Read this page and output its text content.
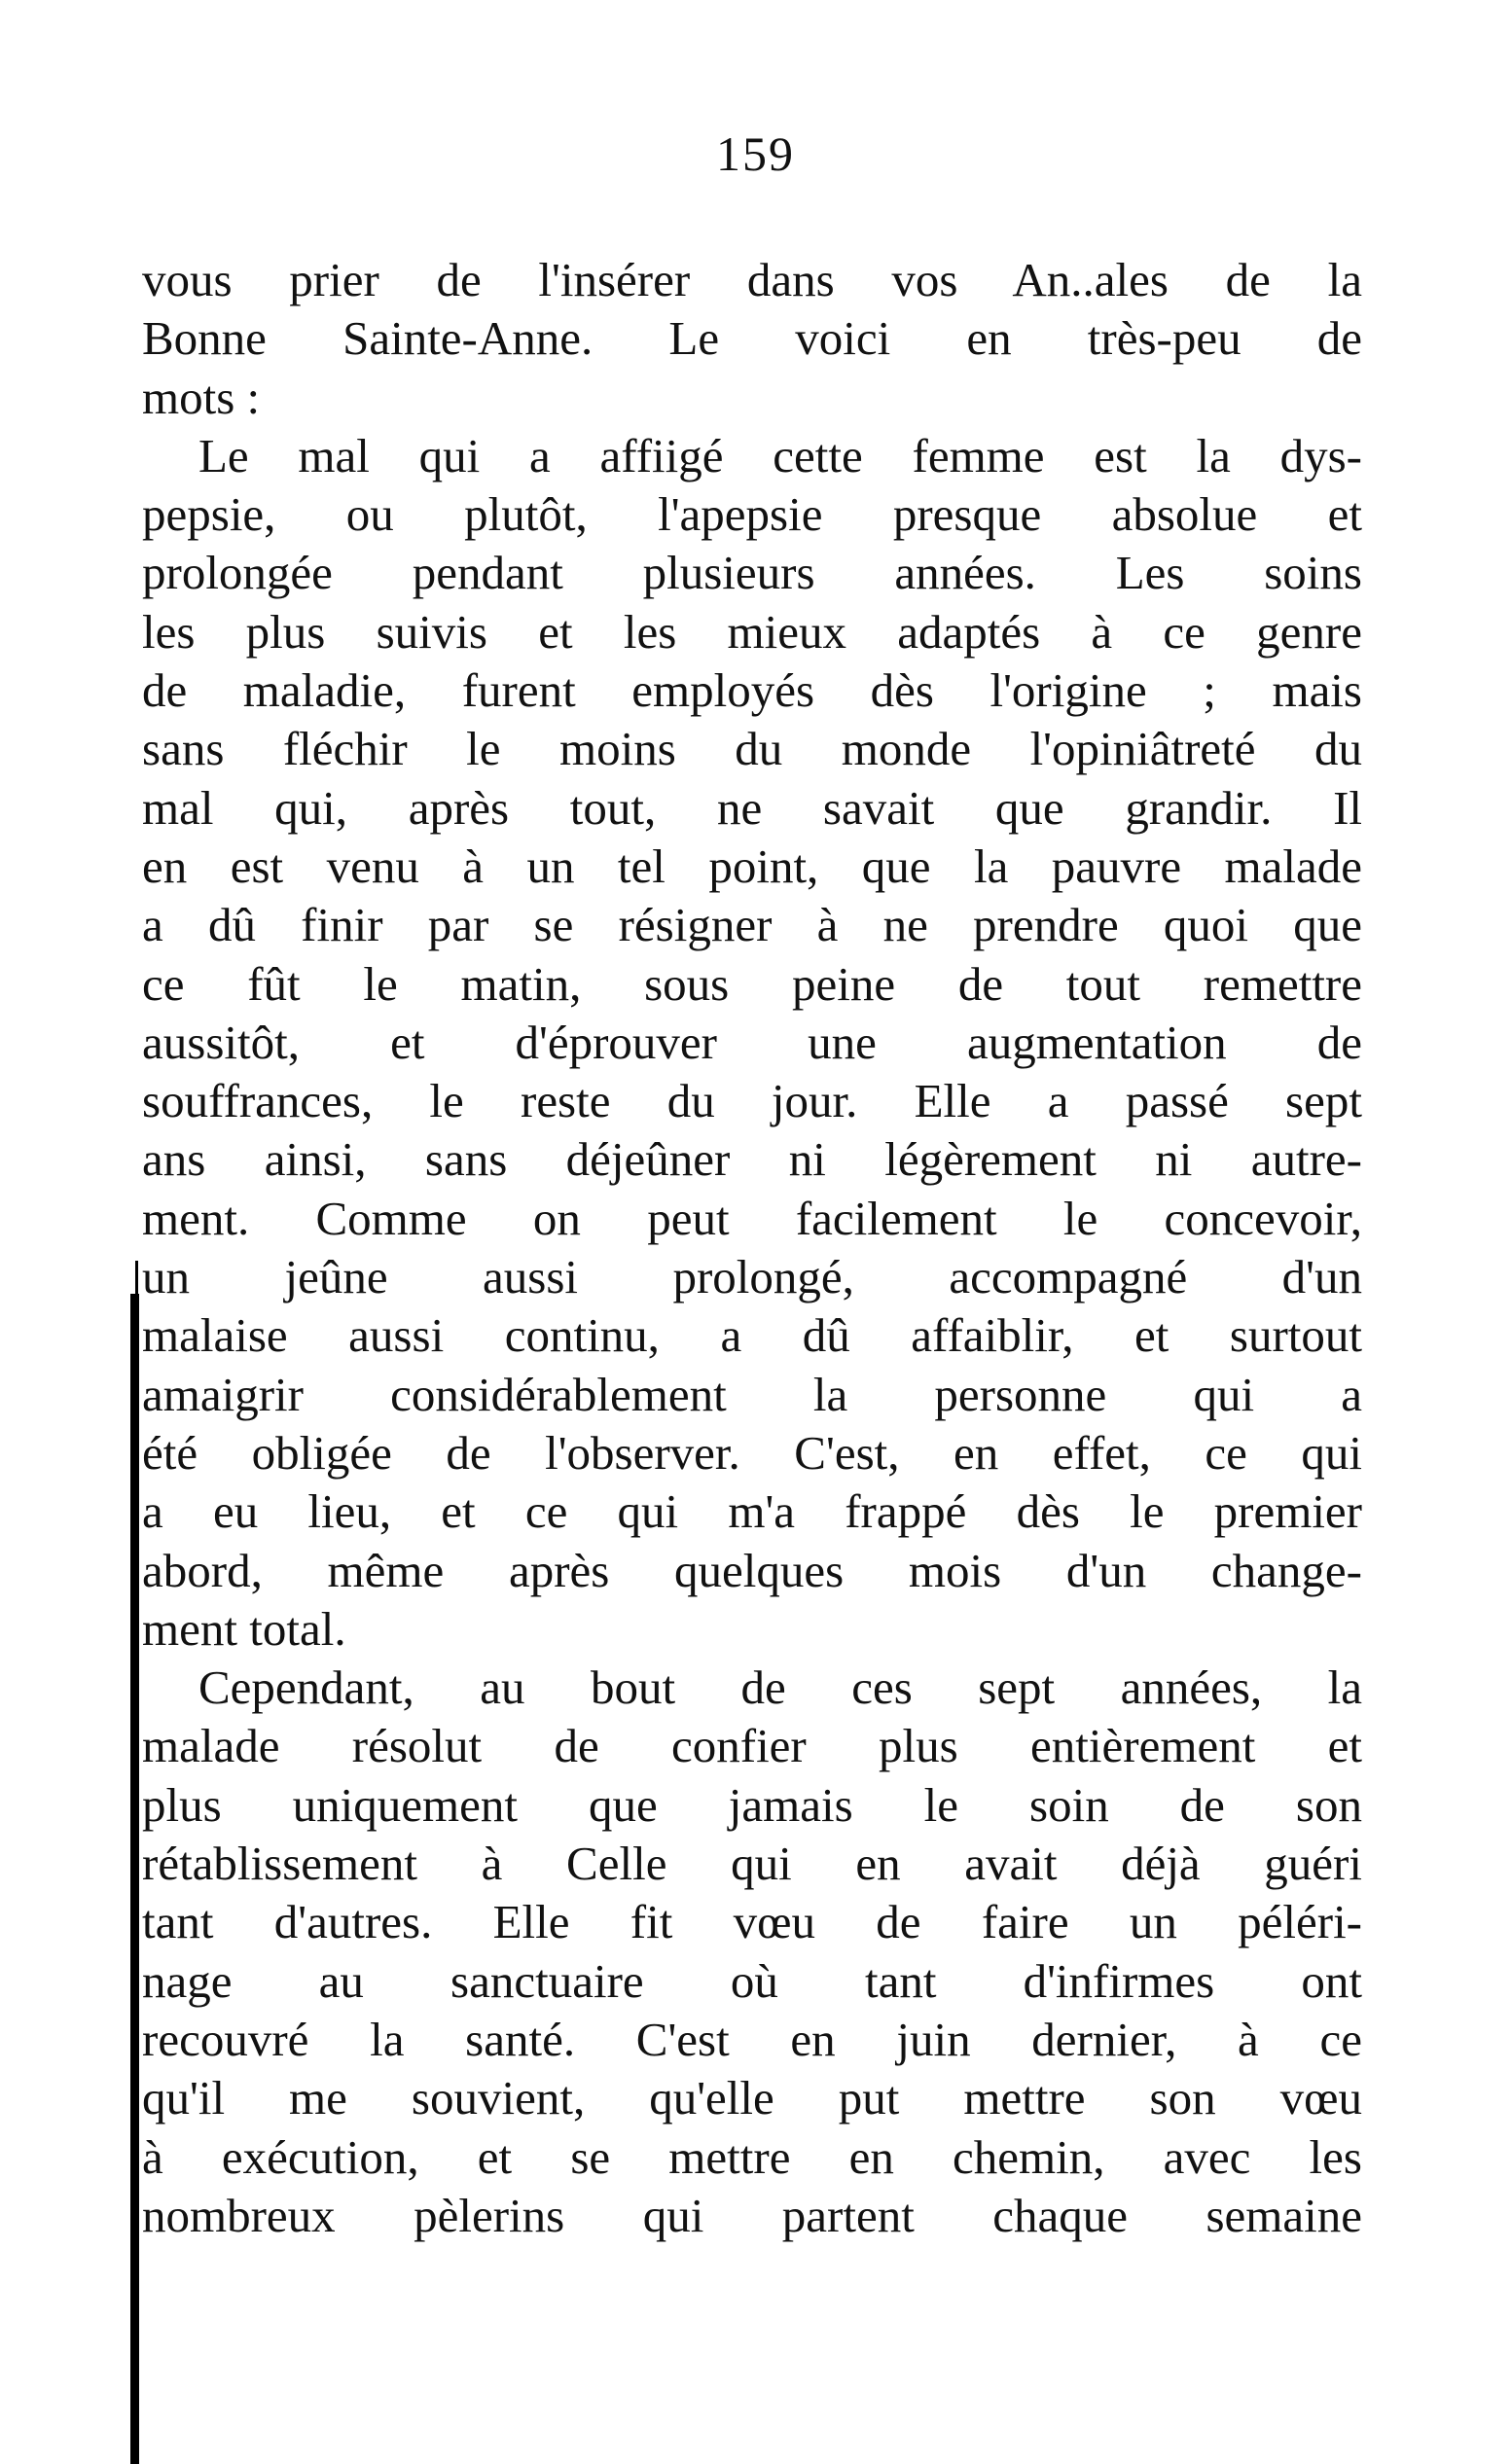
159
vous prier de l'insérer dans vos An..ales de la
Bonne Sainte-Anne. Le voici en très-peu de
mots :
Le mal qui a affiigé cette femme est la dys-
pepsie, ou plutôt, l'apepsie presque absolue et
prolongée pendant plusieurs années. Les soins
les plus suivis et les mieux adaptés à ce genre
de maladie, furent employés dès l'origine ; mais
sans fléchir le moins du monde l'opiniâtreté du
mal qui, après tout, ne savait que grandir. Il
en est venu à un tel point, que la pauvre malade
a dû finir par se résigner à ne prendre quoi que
ce fût le matin, sous peine de tout remettre
aussitôt, et d'éprouver une augmentation de
souffrances, le reste du jour. Elle a passé sept
ans ainsi, sans déjeûner ni légèrement ni autre-
ment. Comme on peut facilement le concevoir,
un jeûne aussi prolongé, accompagné d'un
malaise aussi continu, a dû affaiblir, et surtout
amaigrir considérablement la personne qui a
été obligée de l'observer. C'est, en effet, ce qui
a eu lieu, et ce qui m'a frappé dès le premier
abord, même après quelques mois d'un change-
ment total.
Cependant, au bout de ces sept années, la
malade résolut de confier plus entièrement et
plus uniquement que jamais le soin de son
rétablissement à Celle qui en avait déjà guéri
tant d'autres. Elle fit vœu de faire un péléri-
nage au sanctuaire où tant d'infirmes ont
recouvré la santé. C'est en juin dernier, à ce
qu'il me souvient, qu'elle put mettre son vœu
à exécution, et se mettre en chemin, avec les
nombreux pèlerins qui partent chaque semaine
